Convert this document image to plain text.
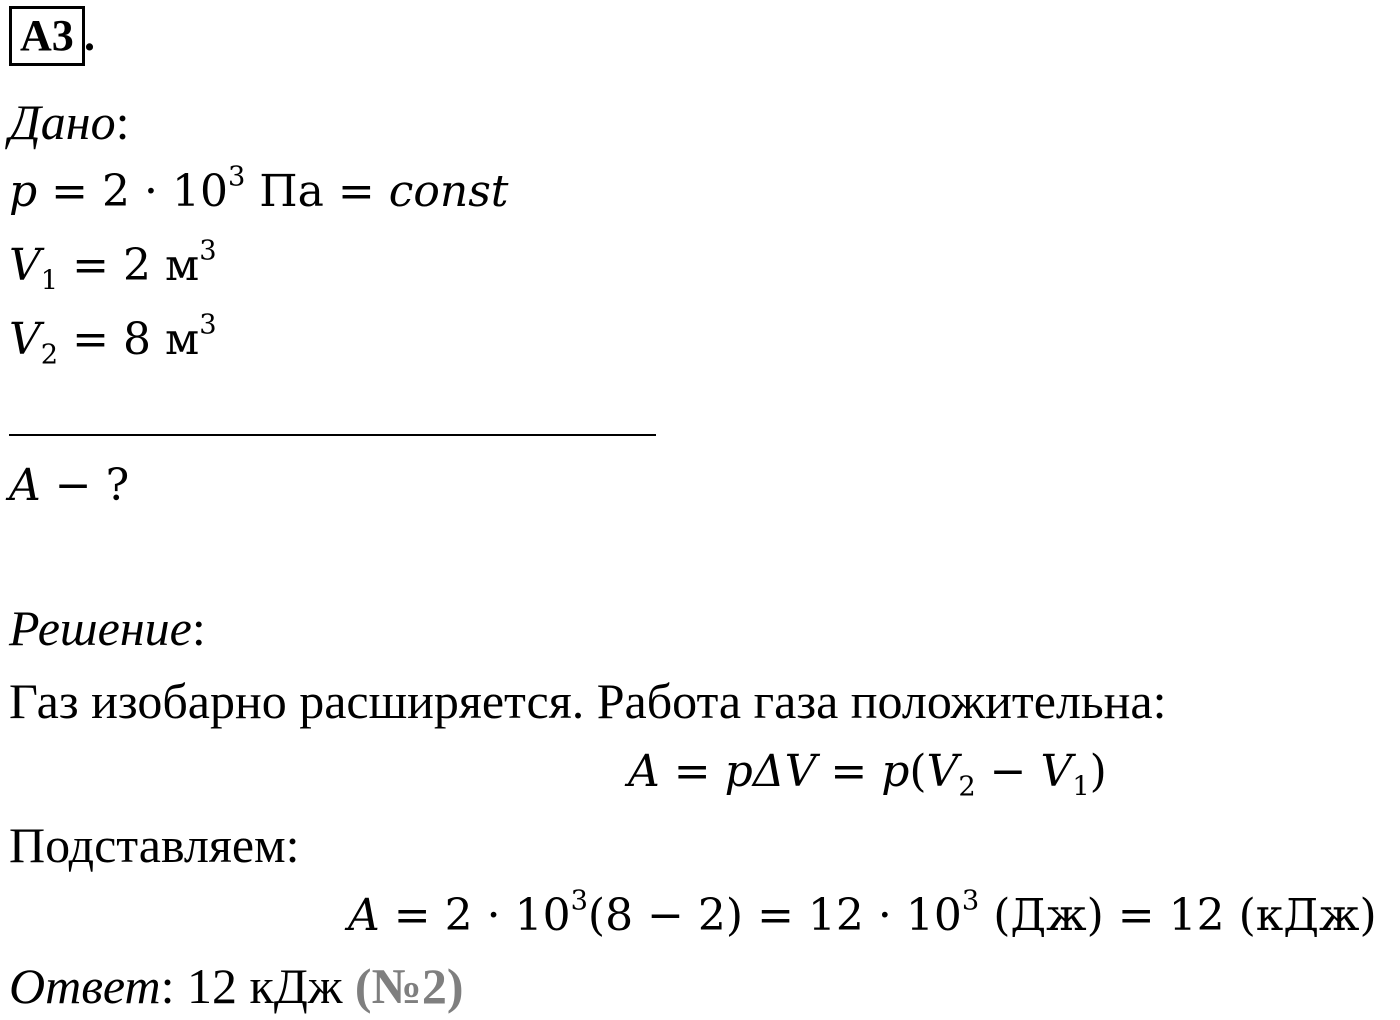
А3 .
Дано:
$p = 2 \cdot 10^3$ Па = const
$V_1 = 2$ $м^3$
$V_2 = 8$ $м^3$
A − ?
Решение:
Газ изобарно расширяется. Работа газа положительна:
$A = p\Delta V = p(V_2 - V_1)$
Подставляем:
$A = 2 \cdot 10^3(8 - 2) = 12 \cdot 10^3$ (Дж) = 12 (кДж)
Ответ: 12 кДж (№2)
